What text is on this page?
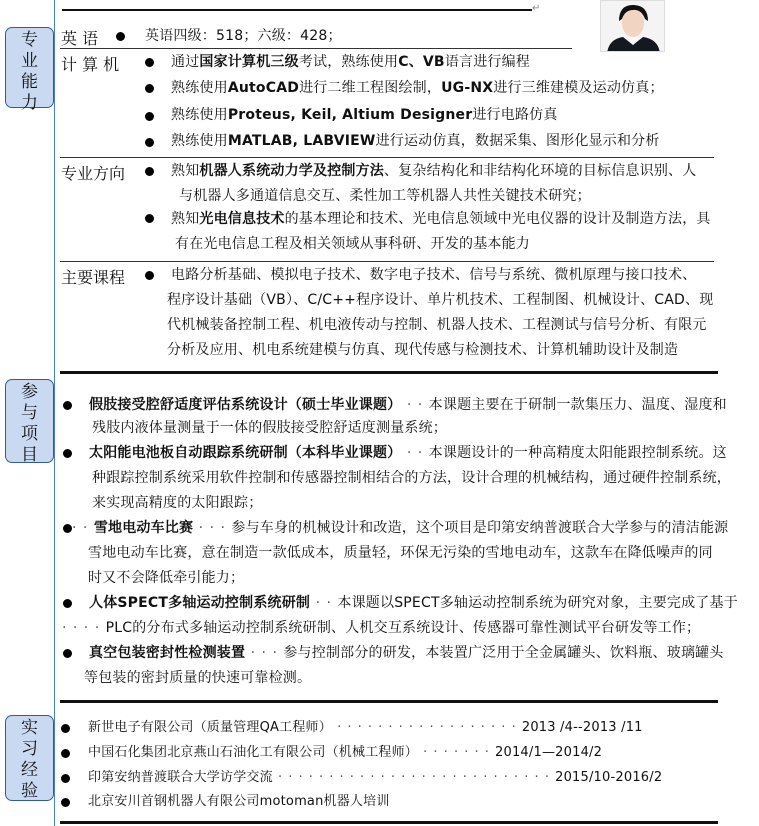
↵
专业能力
参与项目
实习经验
英 语	英语四级：518；六级：428；
计 算 机	通过国家计算机三级考试，熟练使用C、VB语言进行编程
熟练使用AutoCAD进行二维工程图绘制，UG-NX进行三维建模及运动仿真；
熟练使用Proteus, Keil, Altium Designer进行电路仿真
熟练使用MATLAB, LABVIEW进行运动仿真，数据采集、图形化显示和分析
专业方向	熟知机器人系统动力学及控制方法、复杂结构化和非结构化环境的目标信息识别、人
与机器人多通道信息交互、柔性加工等机器人共性关键技术研究；
熟知光电信息技术的基本理论和技术、光电信息领域中光电仪器的设计及制造方法，具
有在光电信息工程及相关领域从事科研、开发的基本能力
主要课程	电路分析基础、模拟电子技术、数字电子技术、信号与系统、微机原理与接口技术、
程序设计基础（VB）、C/C++程序设计、单片机技术、工程制图、机械设计、CAD、现
代机械装备控制工程、机电液传动与控制、机器人技术、工程测试与信号分析、有限元
分析及应用、机电系统建模与仿真、现代传感与检测技术、计算机辅助设计及制造
假肢接受腔舒适度评估系统设计（硕士毕业课题） · · 本课题主要在于研制一款集压力、温度、湿度和
残肢内液体量测量于一体的假肢接受腔舒适度测量系统；
太阳能电池板自动跟踪系统研制（本科毕业课题） · · 本课题设计的一种高精度太阳能跟控制系统。这
种跟踪控制系统采用软件控制和传感器控制相结合的方法，设计合理的机械结构，通过硬件控制系统，
来实现高精度的太阳跟踪；
· · 雪地电动车比赛 · · · 参与车身的机械设计和改造，这个项目是印第安纳普渡联合大学参与的清洁能源
雪地电动车比赛，意在制造一款低成本，质量轻，环保无污染的雪地电动车，这款车在降低噪声的同
时又不会降低牵引能力；
人体SPECT多轴运动控制系统研制 · · 本课题以SPECT多轴运动控制系统为研究对象，主要完成了基于
· · · · PLC的分布式多轴运动控制系统研制、人机交互系统设计、传感器可靠性测试平台研发等工作；
真空包装密封性检测装置 · · · 参与控制部分的研发，本装置广泛用于全金属罐头、饮料瓶、玻璃罐头
等包装的密封质量的快速可靠检测。
新世电子有限公司（质量管理QA工程师） · · · · · · · · · · · · · · · · · · 2013 /4--2013 /11
中国石化集团北京燕山石油化工有限公司（机械工程师） · · · · · · · 2014/1—2014/2
印第安纳普渡联合大学访学交流 · · · · · · · · · · · · · · · · · · · · · · · · · · · 2015/10-2016/2
北京安川首钢机器人有限公司motoman机器人培训
